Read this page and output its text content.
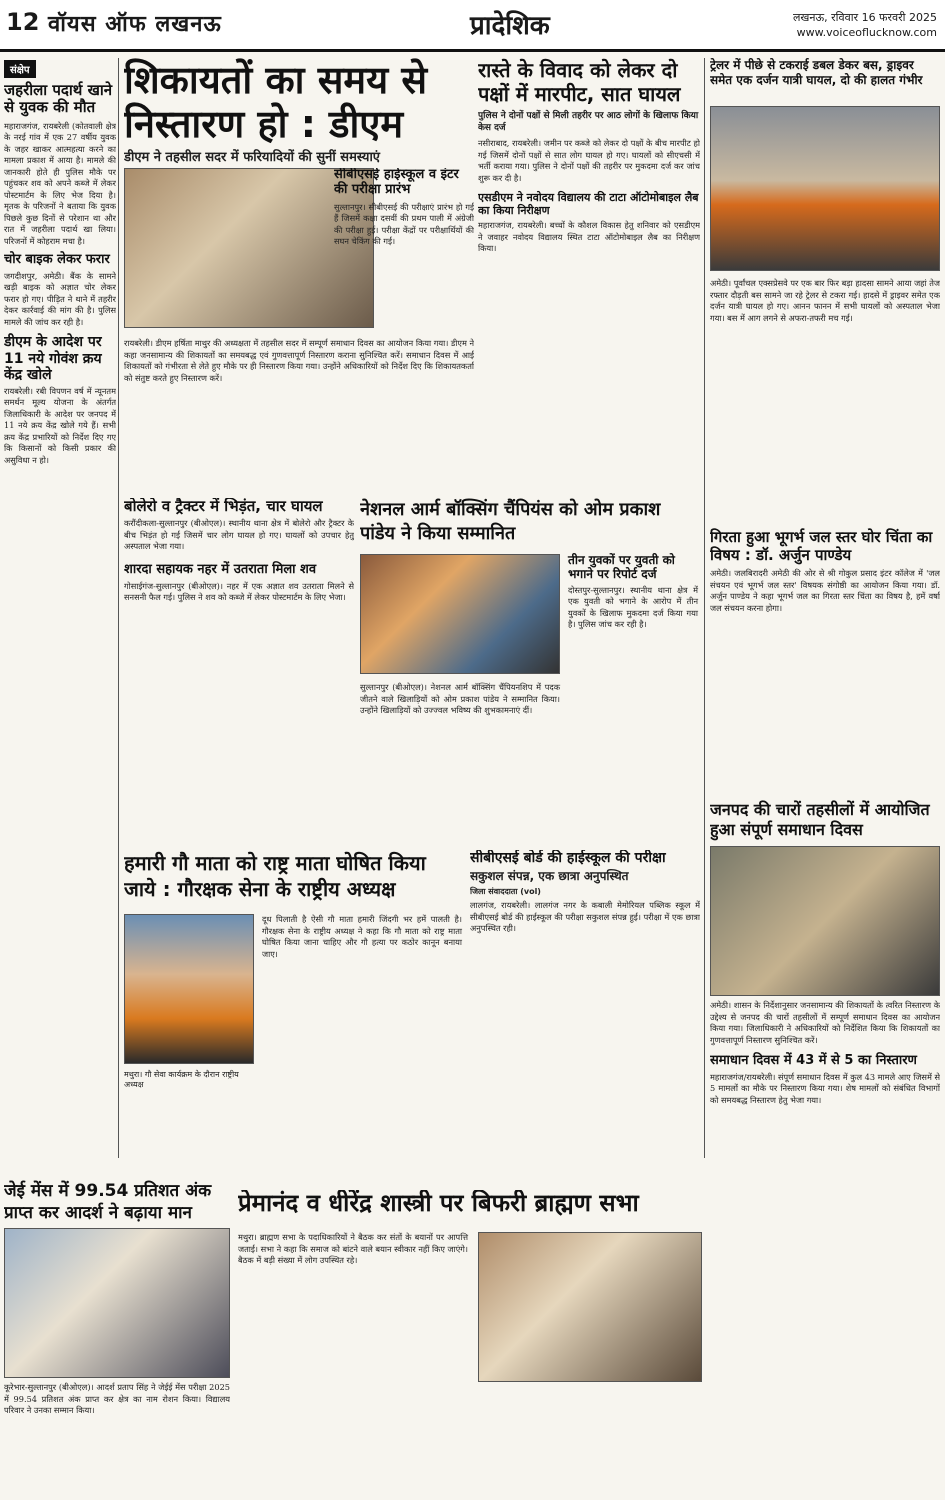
12 वॉयस ऑफ लखनऊ	प्रादेशिक	लखनऊ, रविवार 16 फरवरी 2025
www.voiceoflucknow.com
संक्षेप
जहरीला पदार्थ खाने से युवक की मौत
महाराजगंज, रायबरेली (कोतवाली क्षेत्र के नरई गांव में एक 27 वर्षीय युवक के जहर खाकर आत्महत्या करने का मामला प्रकाश में आया है। मामले की जानकारी होते ही पुलिस मौके पर पहुंचकर शव को अपने कब्जे में लेकर पोस्टमार्टम के लिए भेज दिया है। मृतक के परिजनों ने बताया कि युवक पिछले कुछ दिनों से परेशान था और रात में जहरीला पदार्थ खा लिया। परिजनों में कोहराम मचा है।
चोर बाइक लेकर फरार
जगदीशपुर, अमेठी। बैंक के सामने खड़ी बाइक को अज्ञात चोर लेकर फरार हो गए। पीड़ित ने थाने में तहरीर देकर कार्रवाई की मांग की है। पुलिस मामले की जांच कर रही है।
डीएम के आदेश पर 11 नये गोवंश क्रय केंद्र खोले
रायबरेली। रबी विपणन वर्ष में न्यूनतम समर्थन मूल्य योजना के अंतर्गत जिलाधिकारी के आदेश पर जनपद में 11 नये क्रय केंद्र खोले गये हैं। सभी क्रय केंद्र प्रभारियों को निर्देश दिए गए कि किसानों को किसी प्रकार की असुविधा न हो।
शिकायतों का समय से निस्तारण हो : डीएम
डीएम ने तहसील सदर में फरियादियों की सुनीं समस्याएं
रायबरेली। डीएम हर्षिता माथुर की अध्यक्षता में तहसील सदर में सम्पूर्ण समाधान दिवस का आयोजन किया गया। डीएम ने कहा जनसामान्य की शिकायतों का समयबद्ध एवं गुणवत्तापूर्ण निस्तारण कराना सुनिश्चित करें। समाधान दिवस में आई शिकायतों को गंभीरता से लेते हुए मौके पर ही निस्तारण किया गया। उन्होंने अधिकारियों को निर्देश दिए कि शिकायतकर्ता को संतुष्ट करते हुए निस्तारण करें।
सीबीएसई हाईस्कूल व इंटर की परीक्षा प्रारंभ
सुल्तानपुर। सीबीएसई की परीक्षाएं प्रारंभ हो गई हैं जिसमें कक्षा दसवीं की प्रथम पाली में अंग्रेजी की परीक्षा हुई। परीक्षा केंद्रों पर परीक्षार्थियों की सघन चेकिंग की गई।
रास्ते के विवाद को लेकर दो पक्षों में मारपीट, सात घायल
पुलिस ने दोनों पक्षों से मिली तहरीर पर आठ लोगों के खिलाफ किया केस दर्ज
नसीराबाद, रायबरेली। जमीन पर कब्जे को लेकर दो पक्षों के बीच मारपीट हो गई जिसमें दोनों पक्षों से सात लोग घायल हो गए। घायलों को सीएचसी में भर्ती कराया गया। पुलिस ने दोनों पक्षों की तहरीर पर मुकदमा दर्ज कर जांच शुरू कर दी है।
एसडीएम ने नवोदय विद्यालय की टाटा ऑटोमोबाइल लैब का किया निरीक्षण
महाराजगंज, रायबरेली। बच्चों के कौशल विकास हेतु शनिवार को एसडीएम ने जवाहर नवोदय विद्यालय स्थित टाटा ऑटोमोबाइल लैब का निरीक्षण किया।
ट्रेलर में पीछे से टकराई डबल डेकर बस, ड्राइवर समेत एक दर्जन यात्री घायल, दो की हालत गंभीर
अमेठी। पूर्वांचल एक्सप्रेसवे पर एक बार फिर बड़ा हादसा सामने आया जहां तेज रफ्तार दौड़ती बस सामने जा रहे ट्रेलर से टकरा गई। हादसे में ड्राइवर समेत एक दर्जन यात्री घायल हो गए। आनन फानन में सभी घायलों को अस्पताल भेजा गया। बस में आग लगने से अफरा-तफरी मच गई।
गिरता हुआ भूगर्भ जल स्तर घोर चिंता का विषय : डॉ. अर्जुन पाण्डेय
अमेठी। जलबिरादरी अमेठी की ओर से श्री गोकुल प्रसाद इंटर कॉलेज में 'जल संचयन एवं भूगर्भ जल स्तर' विषयक संगोष्ठी का आयोजन किया गया। डॉ. अर्जुन पाण्डेय ने कहा भूगर्भ जल का गिरता स्तर चिंता का विषय है, हमें वर्षा जल संचयन करना होगा।
बोलेरो व ट्रैक्टर में भिड़ंत, चार घायल
करौंदीकला-सुल्तानपुर (बीओएल)। स्थानीय थाना क्षेत्र में बोलेरो और ट्रैक्टर के बीच भिड़ंत हो गई जिसमें चार लोग घायल हो गए। घायलों को उपचार हेतु अस्पताल भेजा गया।
शारदा सहायक नहर में उतराता मिला शव
गोसाईगंज-सुल्तानपुर (बीओएल)। नहर में एक अज्ञात शव उतराता मिलने से सनसनी फैल गई। पुलिस ने शव को कब्जे में लेकर पोस्टमार्टम के लिए भेजा।
नेशनल आर्म बॉक्सिंग चैंपियंस को ओम प्रकाश पांडेय ने किया सम्मानित
सुल्तानपुर (बीओएल)। नेशनल आर्म बॉक्सिंग चैंपियनशिप में पदक जीतने वाले खिलाड़ियों को ओम प्रकाश पांडेय ने सम्मानित किया। उन्होंने खिलाड़ियों को उज्ज्वल भविष्य की शुभकामनाएं दीं।
तीन युवकों पर युवती को भगाने पर रिपोर्ट दर्ज
दोस्तपुर-सुल्तानपुर। स्थानीय थाना क्षेत्र में एक युवती को भगाने के आरोप में तीन युवकों के खिलाफ मुकदमा दर्ज किया गया है। पुलिस जांच कर रही है।
हमारी गौ माता को राष्ट्र माता घोषित किया जाये : गौरक्षक सेना के राष्ट्रीय अध्यक्ष
मथुरा। गौ सेवा कार्यक्रम के दौरान राष्ट्रीय अध्यक्ष
दूध पिलाती है ऐसी गौ माता हमारी जिंदगी भर हमें पालती है। गौरक्षक सेना के राष्ट्रीय अध्यक्ष ने कहा कि गौ माता को राष्ट्र माता घोषित किया जाना चाहिए और गौ हत्या पर कठोर कानून बनाया जाए।
सीबीएसई बोर्ड की हाईस्कूल की परीक्षा
सकुशल संपन्न, एक छात्रा अनुपस्थित
जिला संवाददाता (vol)
लालगंज, रायबरेली। लालगंज नगर के कबाली मेमोरियल पब्लिक स्कूल में सीबीएसई बोर्ड की हाईस्कूल की परीक्षा सकुशल संपन्न हुई। परीक्षा में एक छात्रा अनुपस्थित रही।
जनपद की चारों तहसीलों में आयोजित हुआ संपूर्ण समाधान दिवस
अमेठी। शासन के निर्देशानुसार जनसामान्य की शिकायतों के त्वरित निस्तारण के उद्देश्य से जनपद की चारों तहसीलों में सम्पूर्ण समाधान दिवस का आयोजन किया गया। जिलाधिकारी ने अधिकारियों को निर्देशित किया कि शिकायतों का गुणवत्तापूर्ण निस्तारण सुनिश्चित करें।
समाधान दिवस में 43 में से 5 का निस्तारण
महाराजगंज/रायबरेली। संपूर्ण समाधान दिवस में कुल 43 मामले आए जिसमें से 5 मामलों का मौके पर निस्तारण किया गया। शेष मामलों को संबंधित विभागों को समयबद्ध निस्तारण हेतु भेजा गया।
जेई मेंस में 99.54 प्रतिशत अंक प्राप्त कर आदर्श ने बढ़ाया मान
कूरेभार-सुल्तानपुर (बीओएल)। आदर्श प्रताप सिंह ने जेईई मेंस परीक्षा 2025 में 99.54 प्रतिशत अंक प्राप्त कर क्षेत्र का नाम रोशन किया। विद्यालय परिवार ने उनका सम्मान किया।
प्रेमानंद व धीरेंद्र शास्त्री पर बिफरी ब्राह्मण सभा
मथुरा। ब्राह्मण सभा के पदाधिकारियों ने बैठक कर संतों के बयानों पर आपत्ति जताई। सभा ने कहा कि समाज को बांटने वाले बयान स्वीकार नहीं किए जाएंगे। बैठक में बड़ी संख्या में लोग उपस्थित रहे।
